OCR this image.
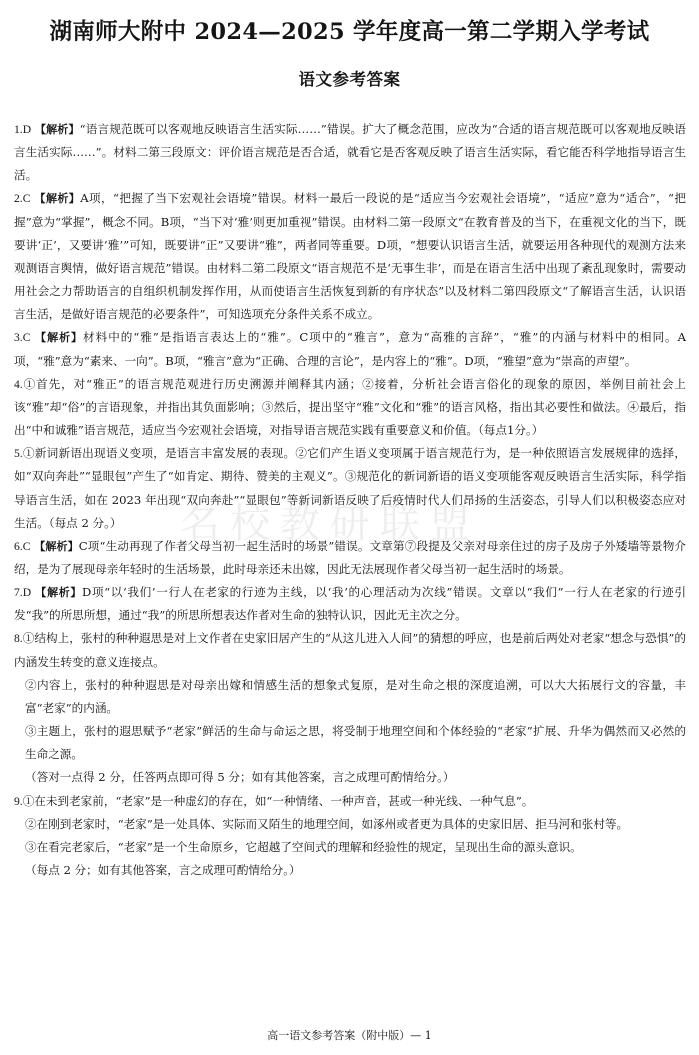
湖南师大附中 2024—2025 学年度高一第二学期入学考试
语文参考答案
名校教研联盟

1.D 【解析】“语言规范既可以客观地反映语言生活实际……”错误。扩大了概念范围，应改为“合适的语言规范既可以客观地反映语言生活实际……”。材料二第三段原文：评价语言规范是否合适，就看它是否客观反映了语言生活实际，看它能否科学地指导语言生活。

2.C 【解析】A项，“把握了当下宏观社会语境”错误。材料一最后一段说的是“适应当今宏观社会语境”，“适应”意为“适合”，“把握”意为“掌握”，概念不同。B项，“当下对‘雅’则更加重视”错误。由材料二第一段原文“在教育普及的当下，在重视文化的当下，既要讲‘正’，又要讲‘雅’”可知，既要讲“正”又要讲“雅”，两者同等重要。D项，“想要认识语言生活，就要运用各种现代的观测方法来观测语言舆情，做好语言规范”错误。由材料二第二段原文“语言规范不是‘无事生非’，而是在语言生活中出现了紊乱现象时，需要动用社会之力帮助语言的自组织机制发挥作用，从而使语言生活恢复到新的有序状态”以及材料二第四段原文“了解语言生活，认识语言生活，是做好语言规范的必要条件”，可知选项充分条件关系不成立。

3.C 【解析】材料中的“雅”是指语言表达上的“雅”。C项中的“雅言”，意为“高雅的言辞”，“雅”的内涵与材料中的相同。A项，“雅”意为“素来、一向”。B项，“雅言”意为“正确、合理的言论”，是内容上的“雅”。D项，“雅望”意为“崇高的声望”。

4.①首先，对“雅正”的语言规范观进行历史溯源并阐释其内涵；②接着，分析社会语言俗化的现象的原因，举例目前社会上该“雅”却“俗”的言语现象，并指出其负面影响；③然后，提出坚守“雅”文化和“雅”的语言风格，指出其必要性和做法。④最后，指出“中和诚雅”语言规范，适应当今宏观社会语境，对指导语言规范实践有重要意义和价值。（每点1分。）

5.①新词新语出现语义变项，是语言丰富发展的表现。②它们产生语义变项属于语言规范行为，是一种依照语言发展规律的选择，如“双向奔赴”“显眼包”产生了“如肯定、期待、赞美的主观义”。③规范化的新词新语的语义变项能客观反映语言生活实际，科学指导语言生活，如在 2023 年出现“双向奔赴”“显眼包”等新词新语反映了后疫情时代人们昂扬的生活姿态，引导人们以积极姿态应对生活。（每点 2 分。）

6.C 【解析】C项“生动再现了作者父母当初一起生活时的场景”错误。文章第⑦段提及父亲对母亲住过的房子及房子外矮墙等景物介绍，是为了展现母亲年轻时的生活场景，此时母亲还未出嫁，因此无法展现作者父母当初一起生活时的场景。

7.D 【解析】D项“以‘我们’一行人在老家的行迹为主线，以‘我’的心理活动为次线”错误。文章以“我们”一行人在老家的行迹引发“我”的所思所想，通过“我”的所思所想表达作者对生命的独特认识，因此无主次之分。

8.①结构上，张村的种种遐思是对上文作者在史家旧居产生的“从这儿进入人间”的猜想的呼应，也是前后两处对老家“想念与恐惧”的内涵发生转变的意义连接点。

②内容上，张村的种种遐思是对母亲出嫁和情感生活的想象式复原，是对生命之根的深度追溯，可以大大拓展行文的容量，丰富“老家”的内涵。

③主题上，张村的遐思赋予“老家”鲜活的生命与命运之思，将受制于地理空间和个体经验的“老家”扩展、升华为偶然而又必然的生命之源。

（答对一点得 2 分，任答两点即可得 5 分；如有其他答案，言之成理可酌情给分。）

9.①在未到老家前，“老家”是一种虚幻的存在，如“一种情绪、一种声音，甚或一种光线、一种气息”。

②在刚到老家时，“老家”是一处具体、实际而又陌生的地理空间，如涿州或者更为具体的史家旧居、拒马河和张村等。

③在看完老家后，“老家”是一个生命原乡，它超越了空间式的理解和经验性的规定，呈现出生命的源头意识。

（每点 2 分；如有其他答案，言之成理可酌情给分。）

高一语文参考答案（附中版）— 1
